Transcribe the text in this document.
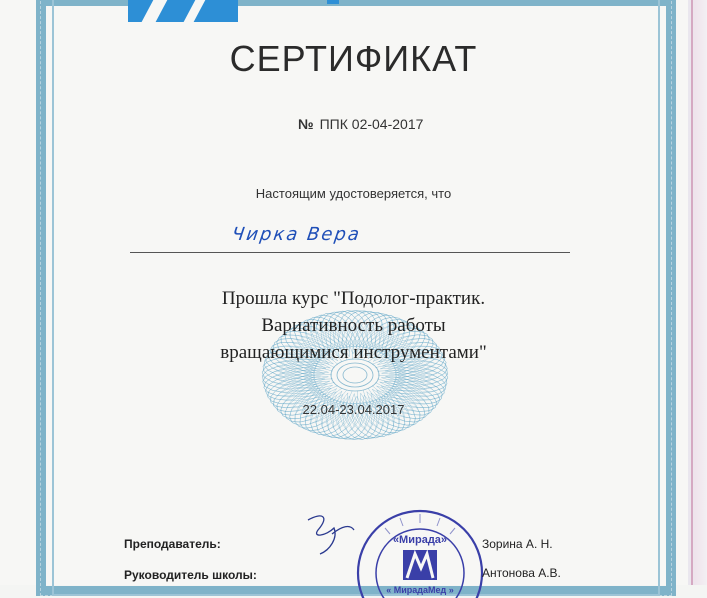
СЕРТИФИКАТ
№ ППК 02-04-2017
Настоящим удостоверяется, что
Чирка Вера
Прошла курс "Подолог-практик.
Вариативность работы
вращающимися инструментами"
22.04-23.04.2017
«Мирада»
« МирадаМед »
Преподаватель:	Зорина А. Н.
Руководитель школы:	Антонова А.В.
